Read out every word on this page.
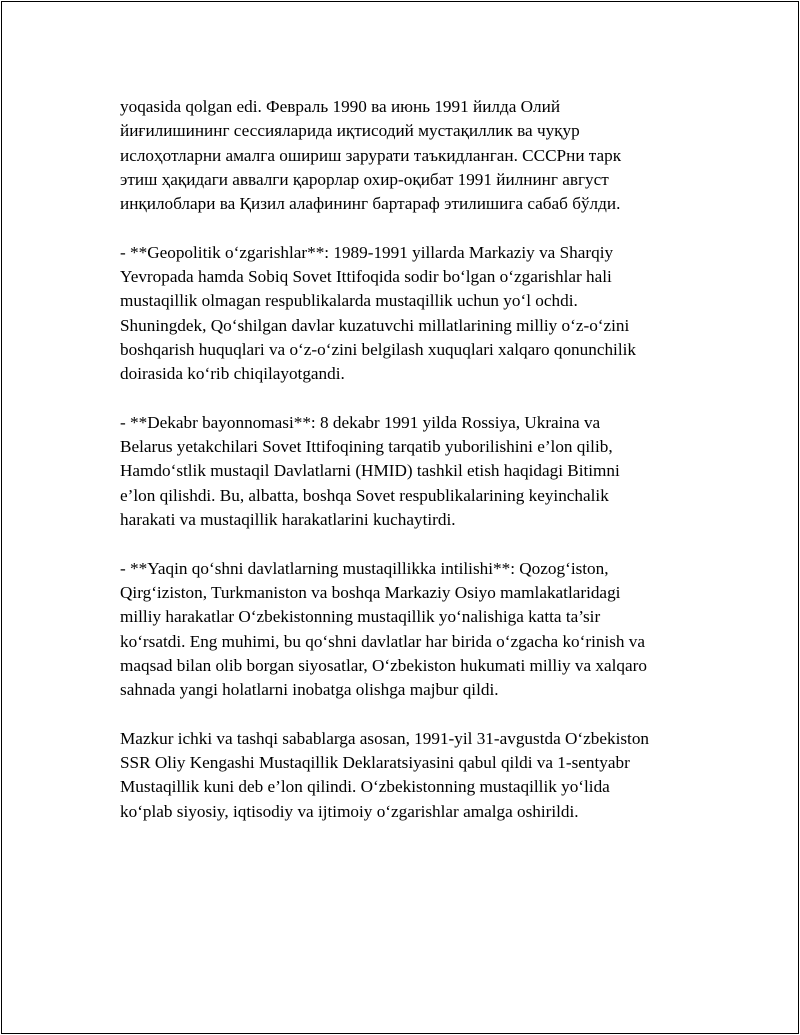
yoqasida qolgan edi. Февраль 1990 ва июнь 1991 йилда Олий
йиғилишининг сессияларида иқтисодий мустақиллик ва чуқур
ислоҳотларни амалга ошириш зарурати таъкидланган. СССРни тарк
этиш ҳақидаги аввалги қарорлар охир-оқибат 1991 йилнинг август
инқилоблари ва Қизил алафининг бартараф этилишига сабаб бўлди.

- **Geopolitik o‘zgarishlar**: 1989-1991 yillarda Markaziy va Sharqiy
Yevropada hamda Sobiq Sovet Ittifoqida sodir bo‘lgan o‘zgarishlar hali
mustaqillik olmagan respublikalarda mustaqillik uchun yo‘l ochdi.
Shuningdek, Qo‘shilgan davlar kuzatuvchi millatlarining milliy o‘z-o‘zini
boshqarish huquqlari va o‘z-o‘zini belgilash xuquqlari xalqaro qonunchilik
doirasida ko‘rib chiqilayotgandi.

- **Dekabr bayonnomasi**: 8 dekabr 1991 yilda Rossiya, Ukraina va
Belarus yetakchilari Sovet Ittifoqining tarqatib yuborilishini e’lon qilib,
Hamdo‘stlik mustaqil Davlatlarni (HMID) tashkil etish haqidagi Bitimni
e’lon qilishdi. Bu, albatta, boshqa Sovet respublikalarining keyinchalik
harakati va mustaqillik harakatlarini kuchaytirdi.

- **Yaqin qo‘shni davlatlarning mustaqillikka intilishi**: Qozog‘iston,
Qirg‘iziston, Turkmaniston va boshqa Markaziy Osiyo mamlakatlaridagi
milliy harakatlar O‘zbekistonning mustaqillik yo‘nalishiga katta ta’sir
ko‘rsatdi. Eng muhimi, bu qo‘shni davlatlar har birida o‘zgacha ko‘rinish va
maqsad bilan olib borgan siyosatlar, O‘zbekiston hukumati milliy va xalqaro
sahnada yangi holatlarni inobatga olishga majbur qildi.

Mazkur ichki va tashqi sabablarga asosan, 1991-yil 31-avgustda O‘zbekiston
SSR Oliy Kengashi Mustaqillik Deklaratsiyasini qabul qildi va 1-sentyabr
Mustaqillik kuni deb e’lon qilindi. O‘zbekistonning mustaqillik yo‘lida
ko‘plab siyosiy, iqtisodiy va ijtimoiy o‘zgarishlar amalga oshirildi.
